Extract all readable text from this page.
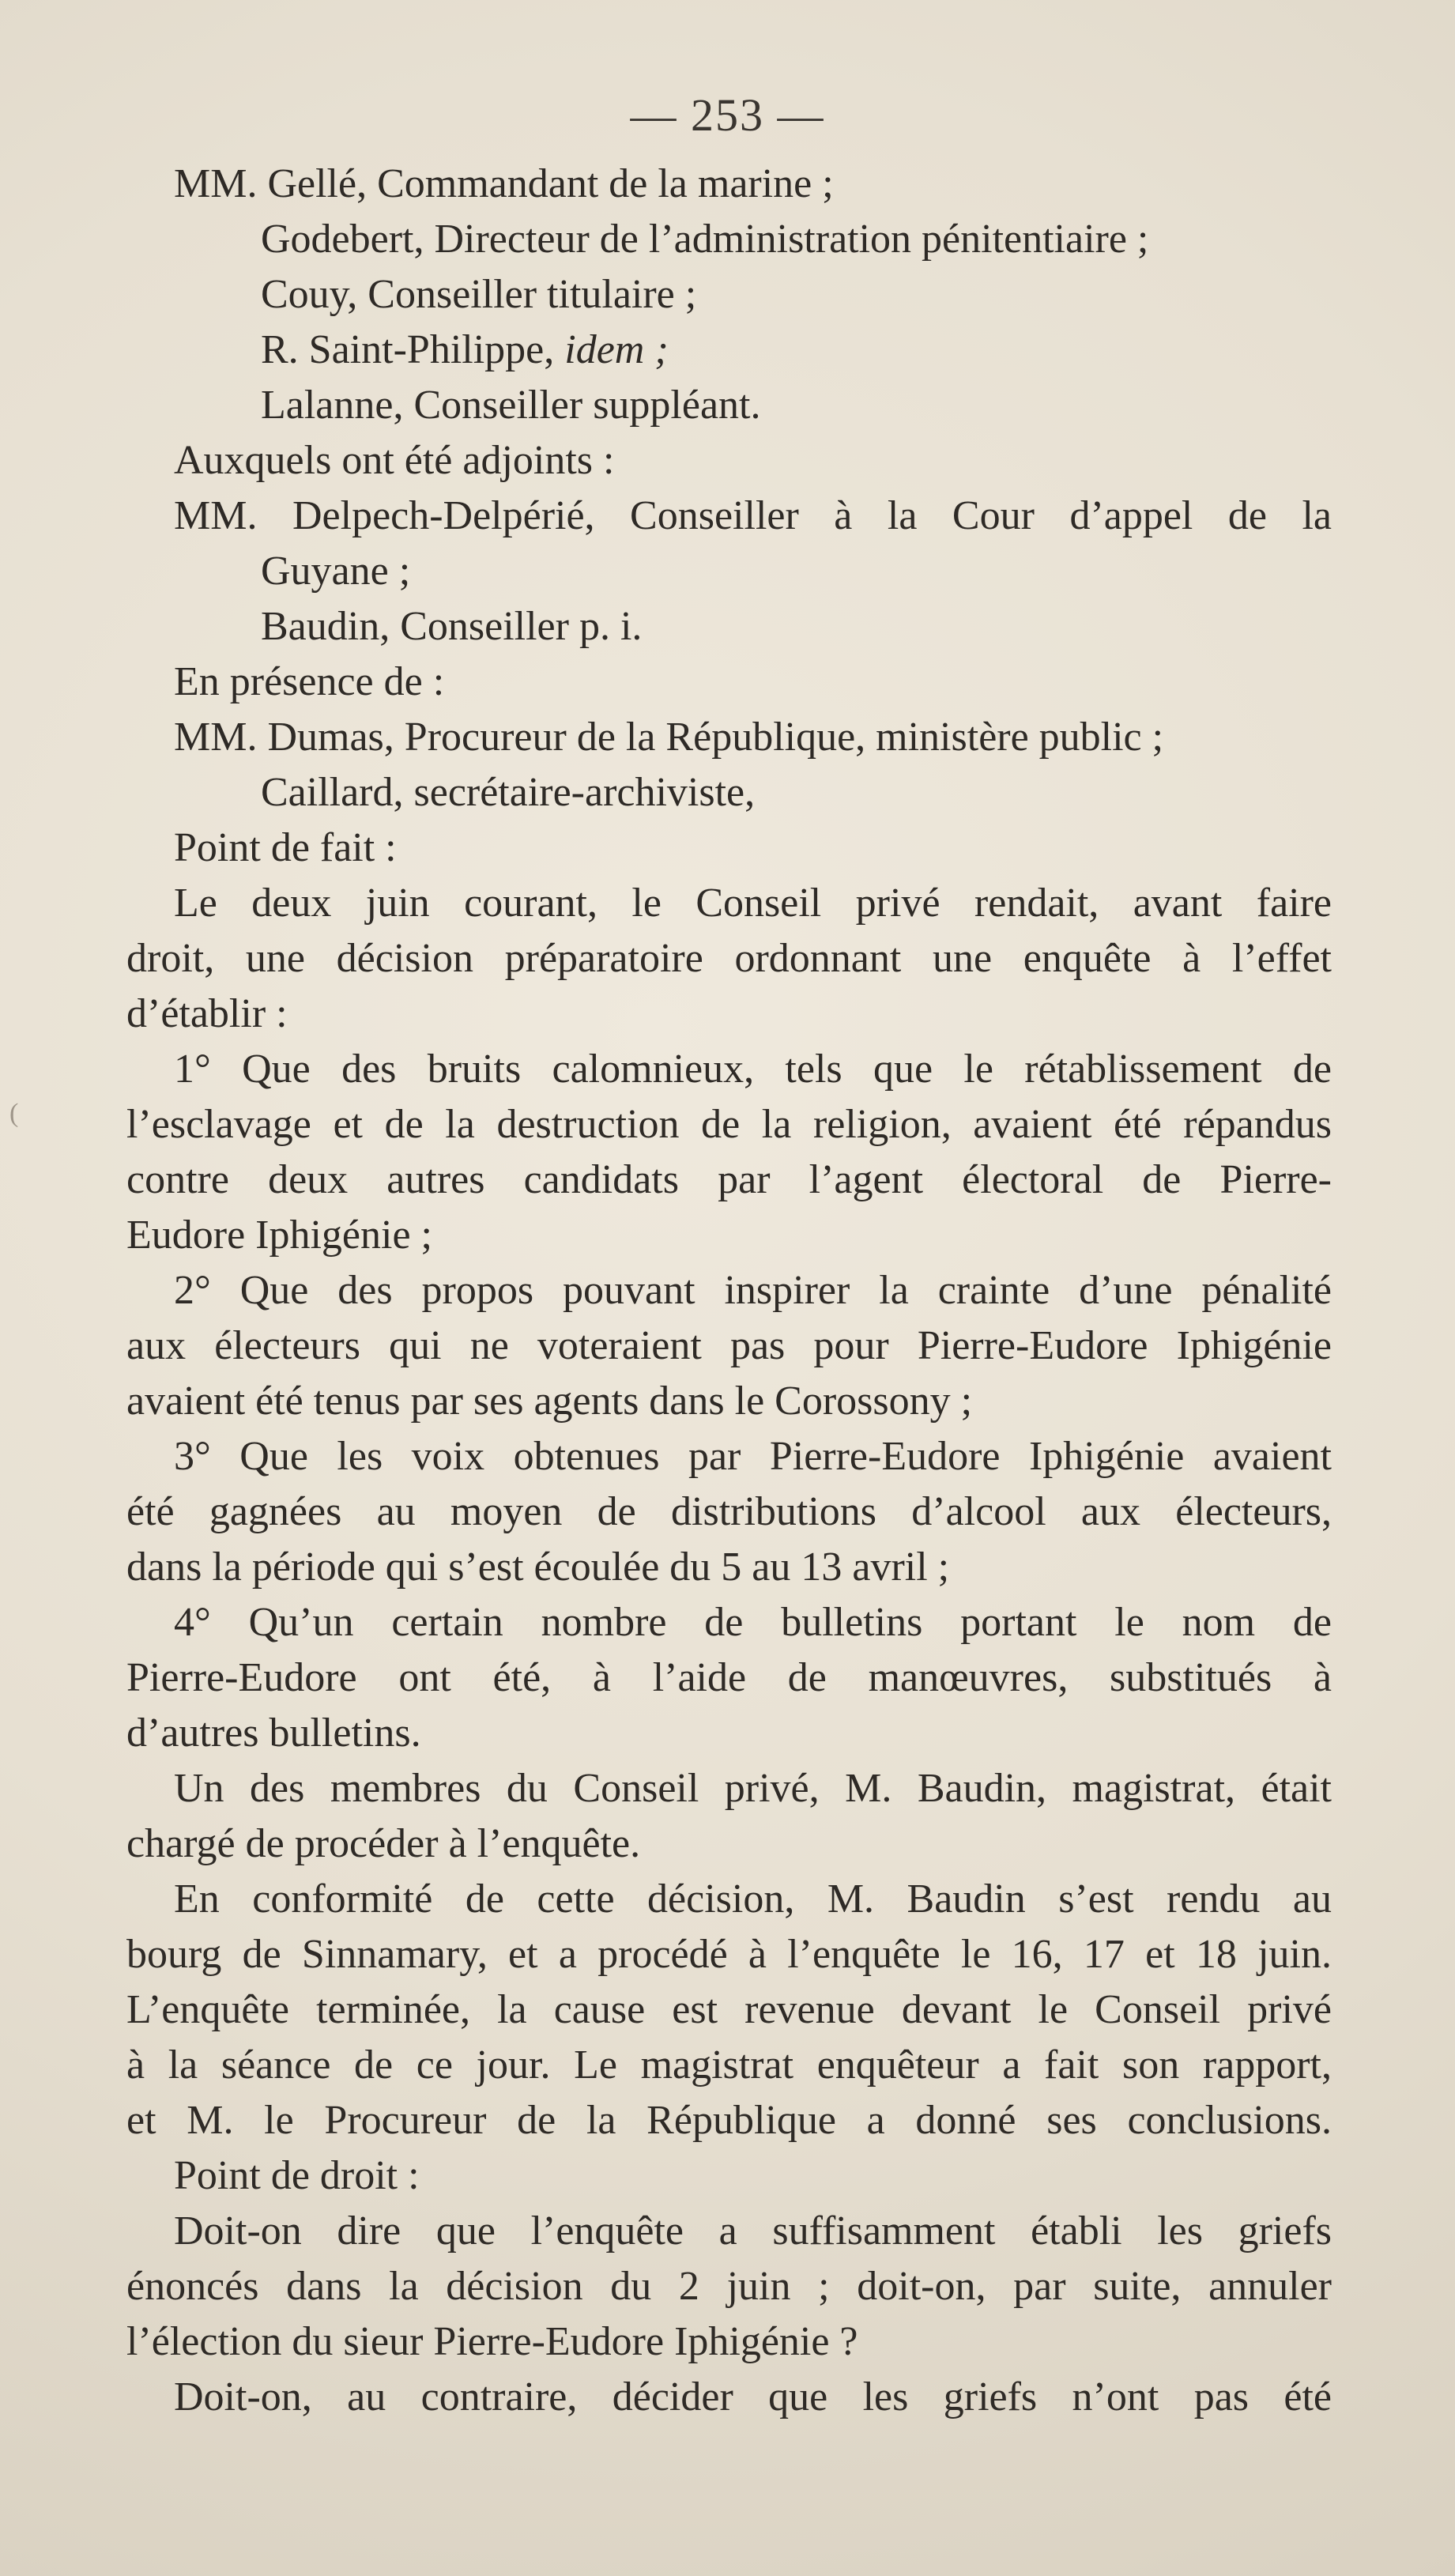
— 253 —
(
MM. Gellé, Commandant de la marine ;
Godebert, Directeur de l’administration pénitentiaire ;
Couy, Conseiller titulaire ;
R. Saint-Philippe, idem ;
Lalanne, Conseiller suppléant.
Auxquels ont été adjoints :
MM. Delpech-Delpérié, Conseiller à la Cour d’appel de la
Guyane ;
Baudin, Conseiller p. i.
En présence de :
MM. Dumas, Procureur de la République, ministère public ;
Caillard, secrétaire-archiviste,
Point de fait :
Le deux juin courant, le Conseil privé rendait, avant faire
droit, une décision préparatoire ordonnant une enquête à l’effet
d’établir :
1° Que des bruits calomnieux, tels que le rétablissement de
l’esclavage et de la destruction de la religion, avaient été répandus
contre deux autres candidats par l’agent électoral de Pierre-
Eudore Iphigénie ;
2° Que des propos pouvant inspirer la crainte d’une pénalité
aux électeurs qui ne voteraient pas pour Pierre-Eudore Iphigénie
avaient été tenus par ses agents dans le Corossony ;
3° Que les voix obtenues par Pierre-Eudore Iphigénie avaient
été gagnées au moyen de distributions d’alcool aux électeurs,
dans la période qui s’est écoulée du 5 au 13 avril ;
4° Qu’un certain nombre de bulletins portant le nom de
Pierre-Eudore ont été, à l’aide de manœuvres, substitués à
d’autres bulletins.
Un des membres du Conseil privé, M. Baudin, magistrat, était
chargé de procéder à l’enquête.
En conformité de cette décision, M. Baudin s’est rendu au
bourg de Sinnamary, et a procédé à l’enquête le 16, 17 et 18 juin.
L’enquête terminée, la cause est revenue devant le Conseil privé
à la séance de ce jour. Le magistrat enquêteur a fait son rapport,
et M. le Procureur de la République a donné ses conclusions.
Point de droit :
Doit-on dire que l’enquête a suffisamment établi les griefs
énoncés dans la décision du 2 juin ; doit-on, par suite, annuler
l’élection du sieur Pierre-Eudore Iphigénie ?
Doit-on, au contraire, décider que les griefs n’ont pas été
